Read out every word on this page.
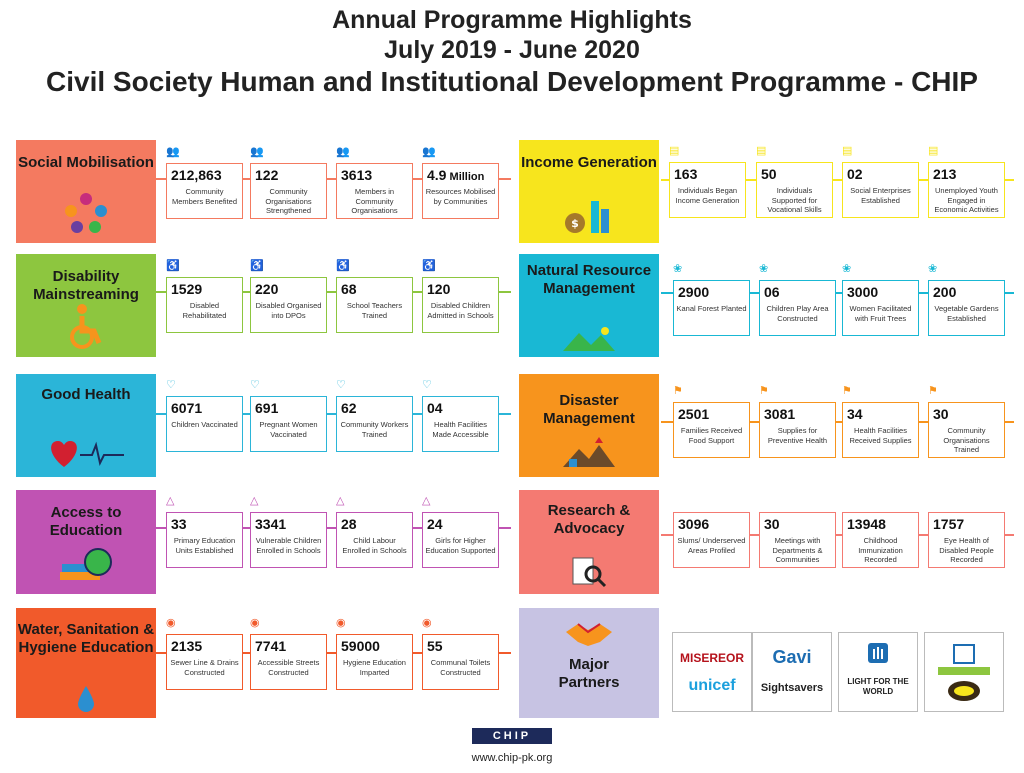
Annual Programme Highlights
July 2019 - June 2020
Civil Society Human and Institutional Development Programme - CHIP
Social Mobilisation
Disability Mainstreaming
Good Health
Access to Education
Water, Sanitation & Hygiene Education
Income Generation
$
Natural Resource Management
Disaster Management
Research & Advocacy
Major Partners
MISEREOR
unicef
Gavi
Sightsavers
LIGHT FOR THE WORLD
👥
212,863
Community Members Benefited
👥
122
Community Organisations Strengthened
👥
3613
Members in Community Organisations
👥
4.9 Million
Resources Mobilised by Communities
♿
1529
Disabled Rehabilitated
♿
220
Disabled Organised into DPOs
♿
68
School Teachers Trained
♿
120
Disabled Children Admitted in Schools
♡
6071
Children Vaccinated
♡
691
Pregnant Women Vaccinated
♡
62
Community Workers Trained
♡
04
Health Facilities Made Accessible
△
33
Primary Education Units Established
△
3341
Vulnerable Children Enrolled in Schools
△
28
Child Labour Enrolled in Schools
△
24
Girls for Higher Education Supported
◉
2135
Sewer Line & Drains Constructed
◉
7741
Accessible Streets Constructed
◉
59000
Hygiene Education Imparted
◉
55
Communal Toilets Constructed
▤
163
Individuals Began Income Generation
▤
50
Individuals Supported for Vocational Skills
▤
02
Social Enterprises Established
▤
213
Unemployed Youth Engaged in Economic Activities
❀
2900
Kanal Forest Planted
❀
06
Children Play Area Constructed
❀
3000
Women Facilitated with Fruit Trees
❀
200
Vegetable Gardens Established
⚑
2501
Families Received Food Support
⚑
3081
Supplies for Preventive Health
⚑
34
Health Facilities Received Supplies
⚑
30
Community Organisations Trained
3096
Slums/ Underserved Areas Profiled
30
Meetings with Departments & Communities
13948
Childhood Immunization Recorded
1757
Eye Health of Disabled People Recorded
CHIP
www.chip-pk.org
